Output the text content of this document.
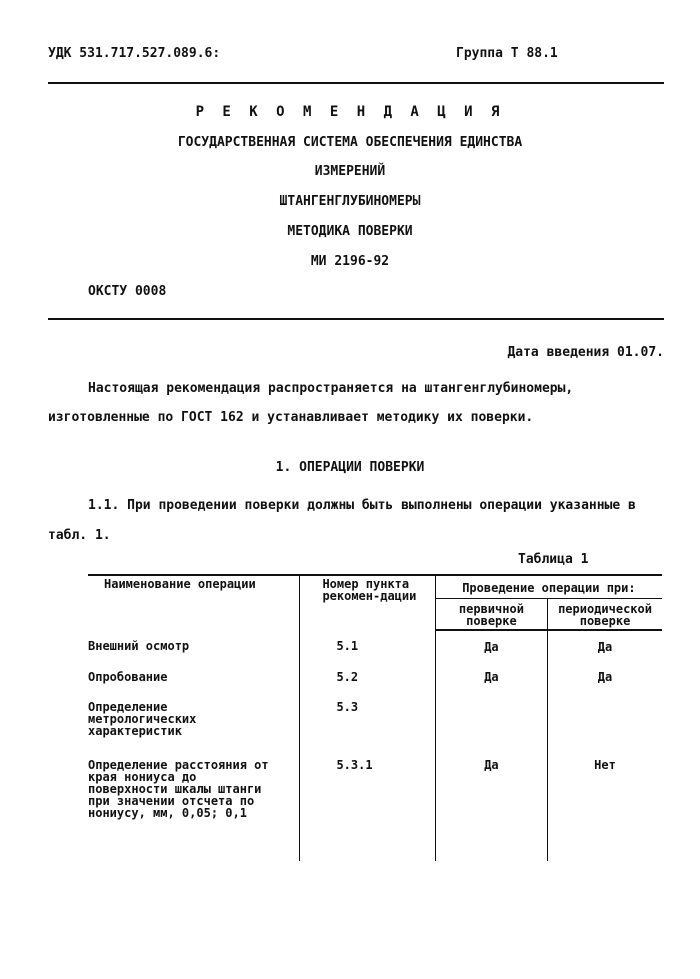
УДК 531.717.527.089.6:	Группа Т 88.1
Р Е К О М Е Н Д А Ц И Я
ГОСУДАРСТВЕННАЯ СИСТЕМА ОБЕСПЕЧЕНИЯ ЕДИНСТВА
ИЗМЕРЕНИЙ
ШТАНГЕНГЛУБИНОМЕРЫ
МЕТОДИКА ПОВЕРКИ
МИ 2196-92
ОКСТУ 0008
Дата введения 01.07.
Настоящая рекомендация распространяется на штангенглубиномеры, изготовленные по ГОСТ 162 и устанавливает методику их поверки.
1. ОПЕРАЦИИ ПОВЕРКИ
1.1. При проведении поверки должны быть выполнены операции указанные в табл. 1.
Таблица 1
Наименование операции	Номер пункта рекомен-дации	Проведение операции при:	
		первичной поверке	периодической поверке
Внешний осмотр	5.1	Да	Да
Опробование	5.2	Да	Да
Определение метрологических характеристик	5.3		
Определение расстояния от края нониуса до поверхности шкалы штанги при значении отсчета по нониусу, мм, 0,05; 0,1	5.3.1	Да	Нет
